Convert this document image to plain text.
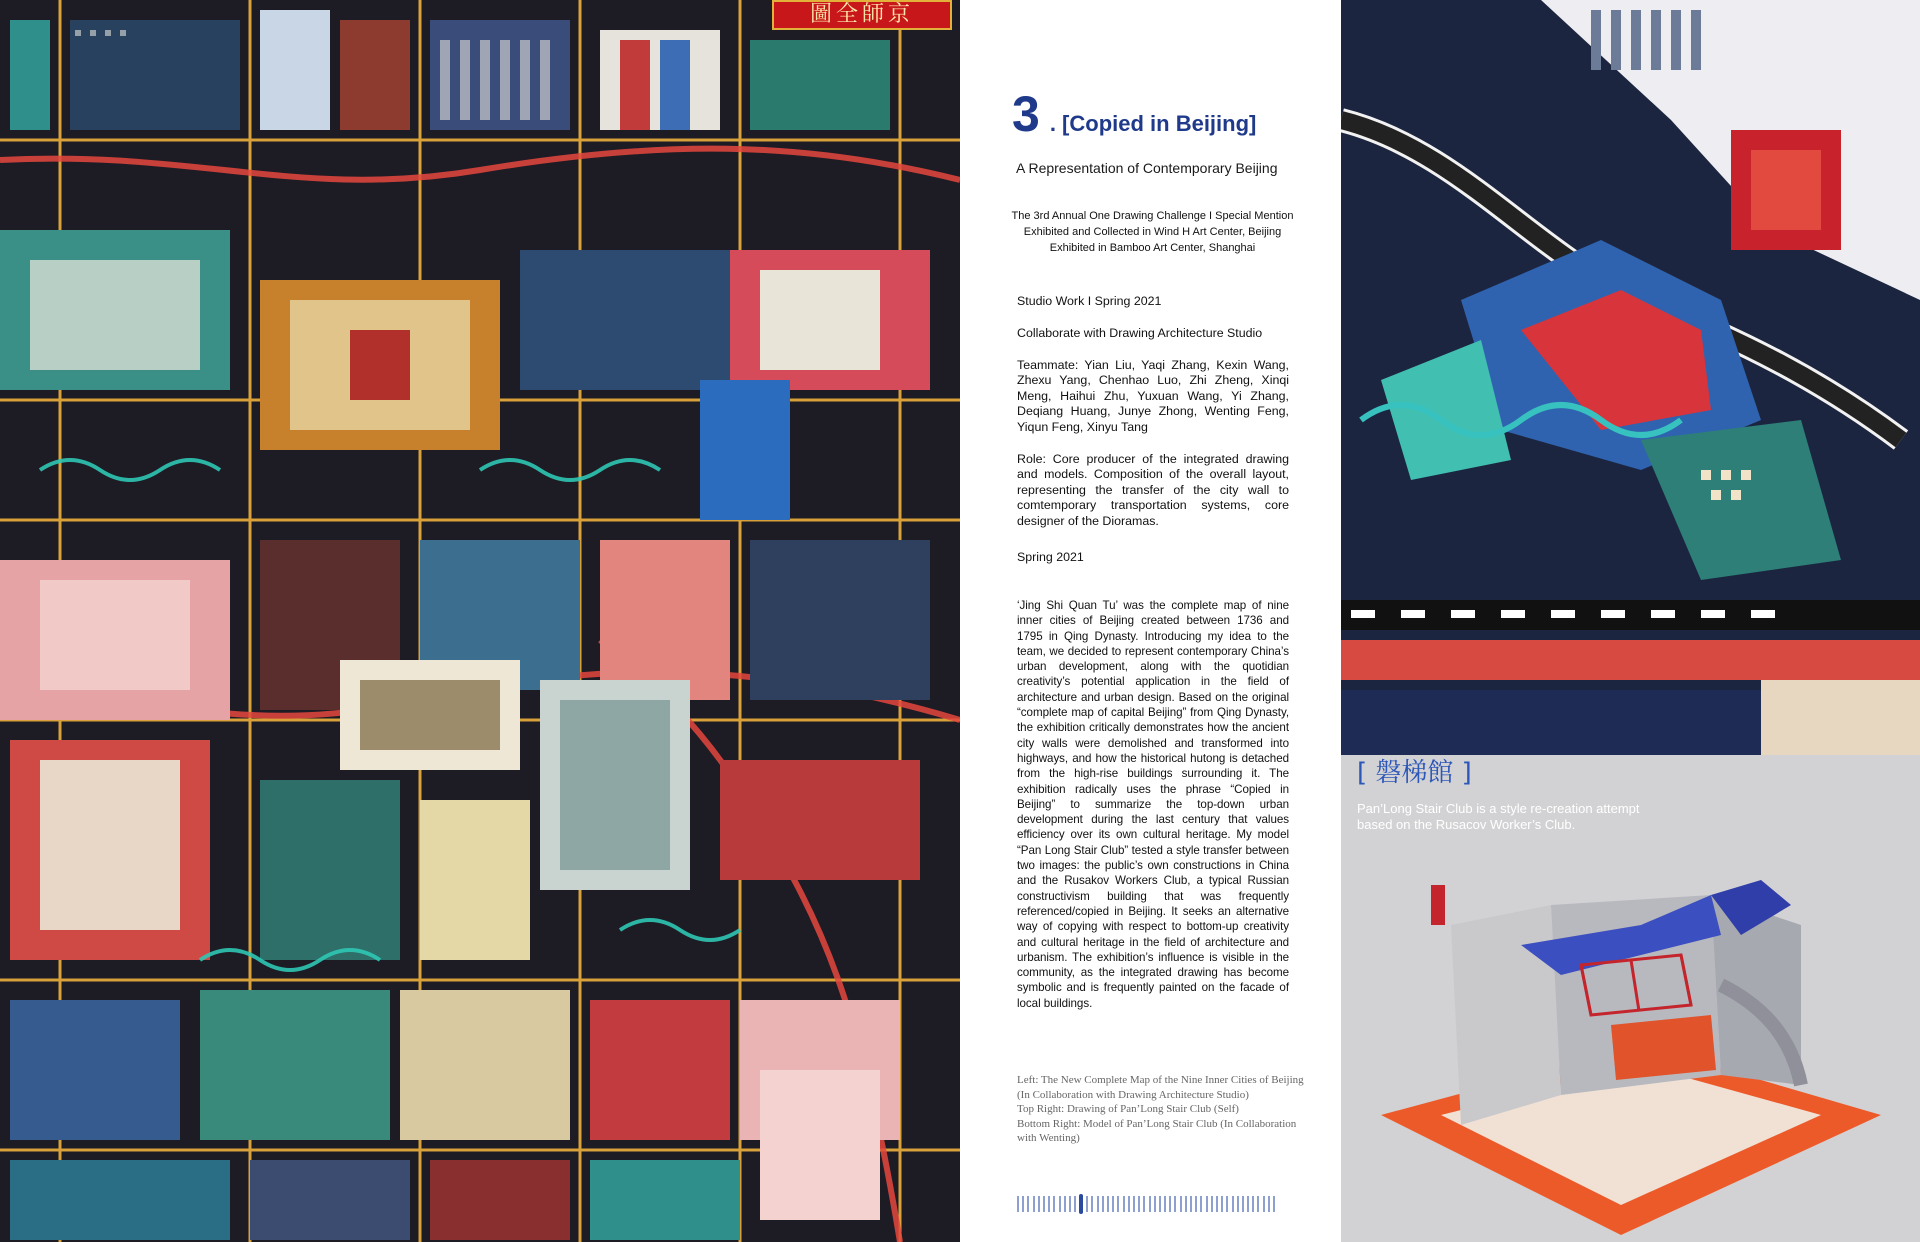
圖全師京
3 . [Copied in Beijing]
A Representation of Contemporary Beijing
The 3rd Annual One Drawing Challenge I Special Mention
Exhibited and Collected in Wind H Art Center, Beijing
Exhibited in Bamboo Art Center, Shanghai
Studio Work I Spring 2021
Collaborate with Drawing Architecture Studio
Teammate: Yian Liu, Yaqi Zhang, Kexin Wang, Zhexu Yang, Chenhao Luo, Zhi Zheng, Xinqi Meng, Haihui Zhu, Yuxuan Wang, Yi Zhang, Deqiang Huang, Junye Zhong, Wenting Feng, Yiqun Feng, Xinyu Tang
Role: Core producer of the integrated drawing and models. Composition of the overall layout, representing the transfer of the city wall to comtemporary transportation systems, core designer of the Dioramas.
Spring 2021
‘Jing Shi Quan Tu’ was the complete map of nine inner cities of Beijing created between 1736 and 1795 in Qing Dynasty. Introducing my idea to the team, we decided to represent contemporary China’s urban development, along with the quotidian creativity’s potential application in the field of architecture and urban design. Based on the original “complete map of capital Beijing” from Qing Dynasty, the exhibition critically demonstrates how the ancient city walls were demolished and transformed into highways, and how the historical hutong is detached from the high-rise buildings surrounding it. The exhibition radically uses the phrase “Copied in Beijing” to summarize the top-down urban development during the last century that values efficiency over its own cultural heritage. My model “Pan Long Stair Club” tested a style transfer between two images: the public’s own constructions in China and the Rusakov Workers Club, a typical Russian constructivism building that was frequently referenced/copied in Beijing. It seeks an alternative way of copying with respect to bottom-up creativity and cultural heritage in the field of architecture and urbanism. The exhibition’s influence is visible in the community, as the integrated drawing has become symbolic and is frequently painted on the facade of local buildings.
Left: The New Complete Map of the Nine Inner Cities of Beijing (In Collaboration with Drawing Architecture Studio)
Top Right: Drawing of Pan’Long Stair Club (Self)
Bottom Right: Model of Pan’Long Stair Club (In Collaboration with Wenting)
[ 磐梯館 ]
Pan’Long Stair Club is a style re-creation attempt based on the Rusacov Worker’s Club.
